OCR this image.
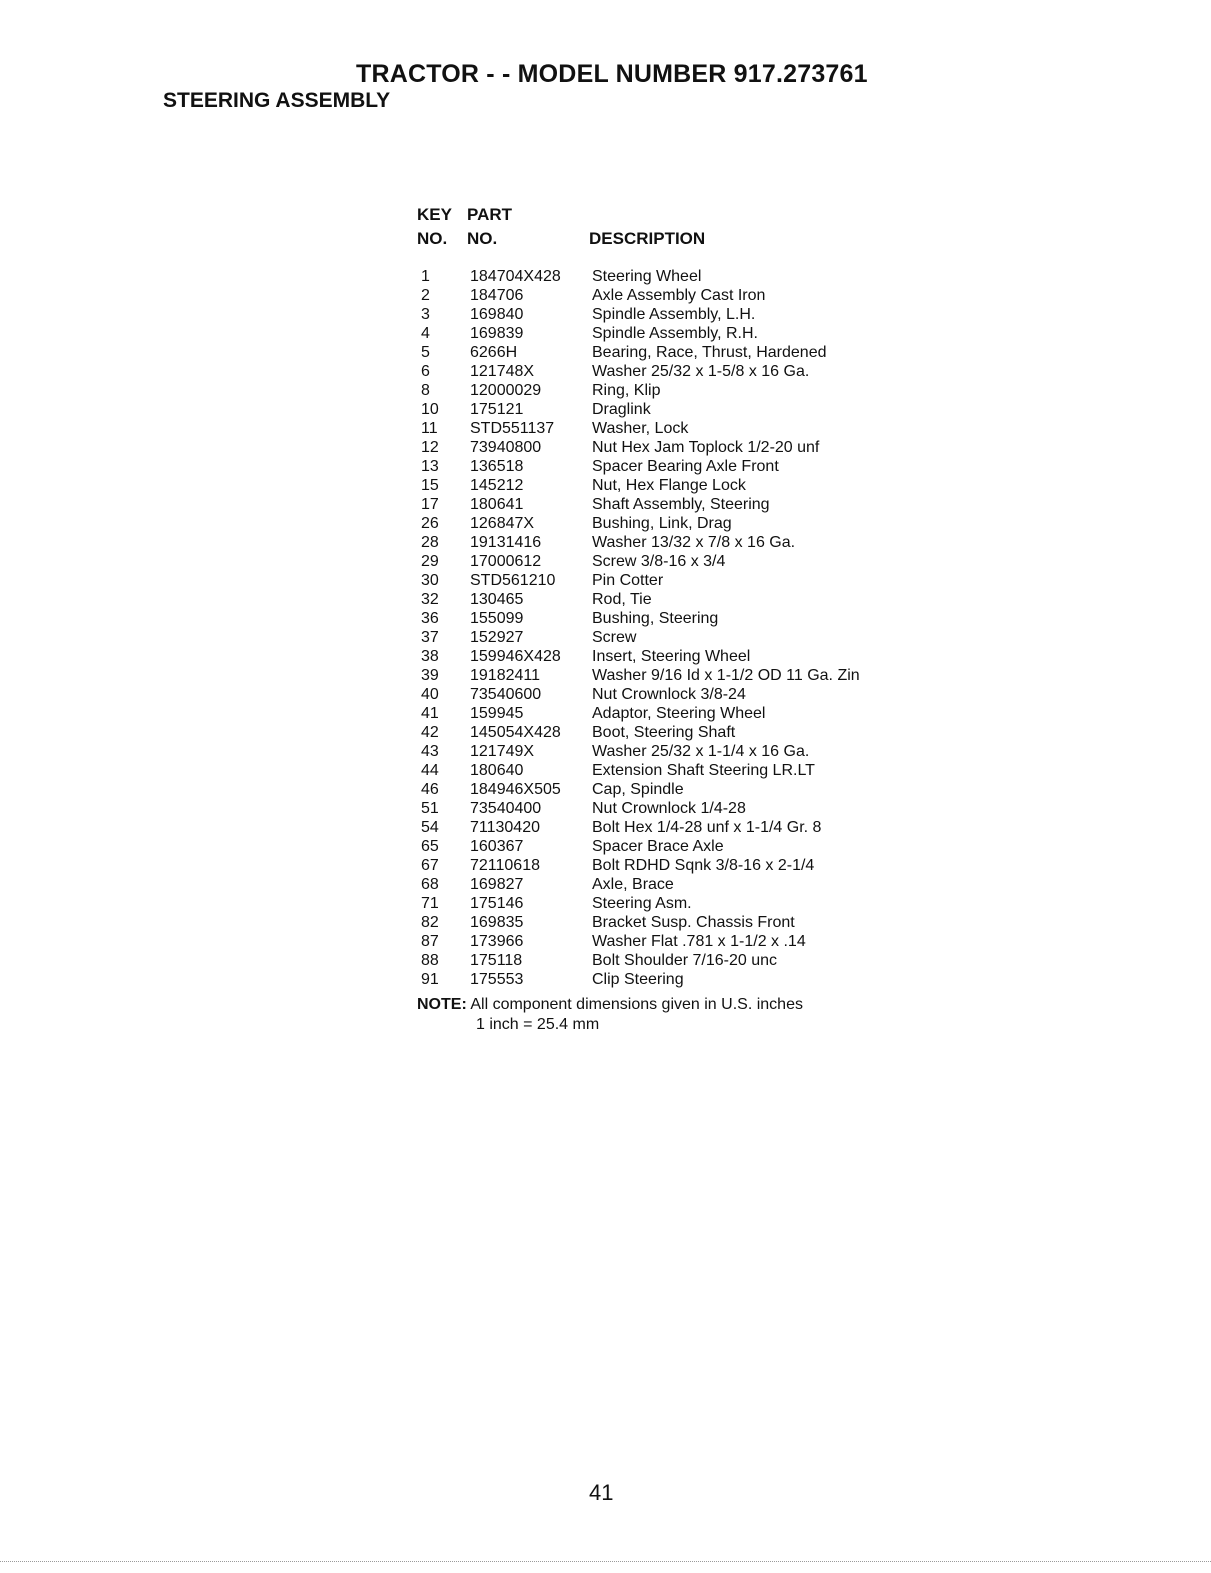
TRACTOR - - MODEL NUMBER 917.273761
STEERING ASSEMBLY
KEY
NO.
PART
NO.	DESCRIPTION
1	184704X428 Steering Wheel
2	184706	Axle Assembly Cast Iron
3	169840	Spindle Assembly, L.H.
4	169839	Spindle Assembly, R.H.
5	6266H	Bearing, Race, Thrust, Hardened
6	121748X	Washer 25/32 x 1-5/8 x 16 Ga.
8	12000029	Ring, Klip
10 175121	Draglink
11 STD551137 Washer, Lock
12 73940800	Nut Hex Jam Toplock 1/2-20 unf
13 136518	Spacer Bearing Axle Front
15 145212	Nut, Hex Flange Lock
17 180641	Shaft Assembly, Steering
26 126847X	Bushing, Link, Drag
28 19131416	Washer 13/32 x 7/8 x 16 Ga.
29 17000612	Screw 3/8-16 x 3/4
30 STD561210 Pin Cotter
32 130465	Rod, Tie
36 155099	Bushing, Steering
37 152927	Screw
38 159946X428 Insert, Steering Wheel
39 19182411	Washer 9/16 Id x 1-1/2 OD 11 Ga. Zin
40 73540600	Nut Crownlock 3/8-24
41 159945	Adaptor, Steering Wheel
42 145054X428 Boot, Steering Shaft
43 121749X	Washer 25/32 x 1-1/4 x 16 Ga.
44 180640	Extension Shaft Steering LR.LT
46 184946X505 Cap, Spindle
51 73540400	Nut Crownlock 1/4-28
54 71130420	Bolt Hex 1/4-28 unf x 1-1/4 Gr. 8
65 160367	Spacer Brace Axle
67 72110618	Bolt RDHD Sqnk 3/8-16 x 2-1/4
68 169827	Axle, Brace
71 175146	Steering Asm.
82 169835	Bracket Susp. Chassis Front
87 173966	Washer Flat .781 x 1-1/2 x .14
88 175118	Bolt Shoulder 7/16-20 unc
91 175553	Clip Steering
NOTE: All component dimensions given in U.S. inches
1 inch = 25.4 mm
41
